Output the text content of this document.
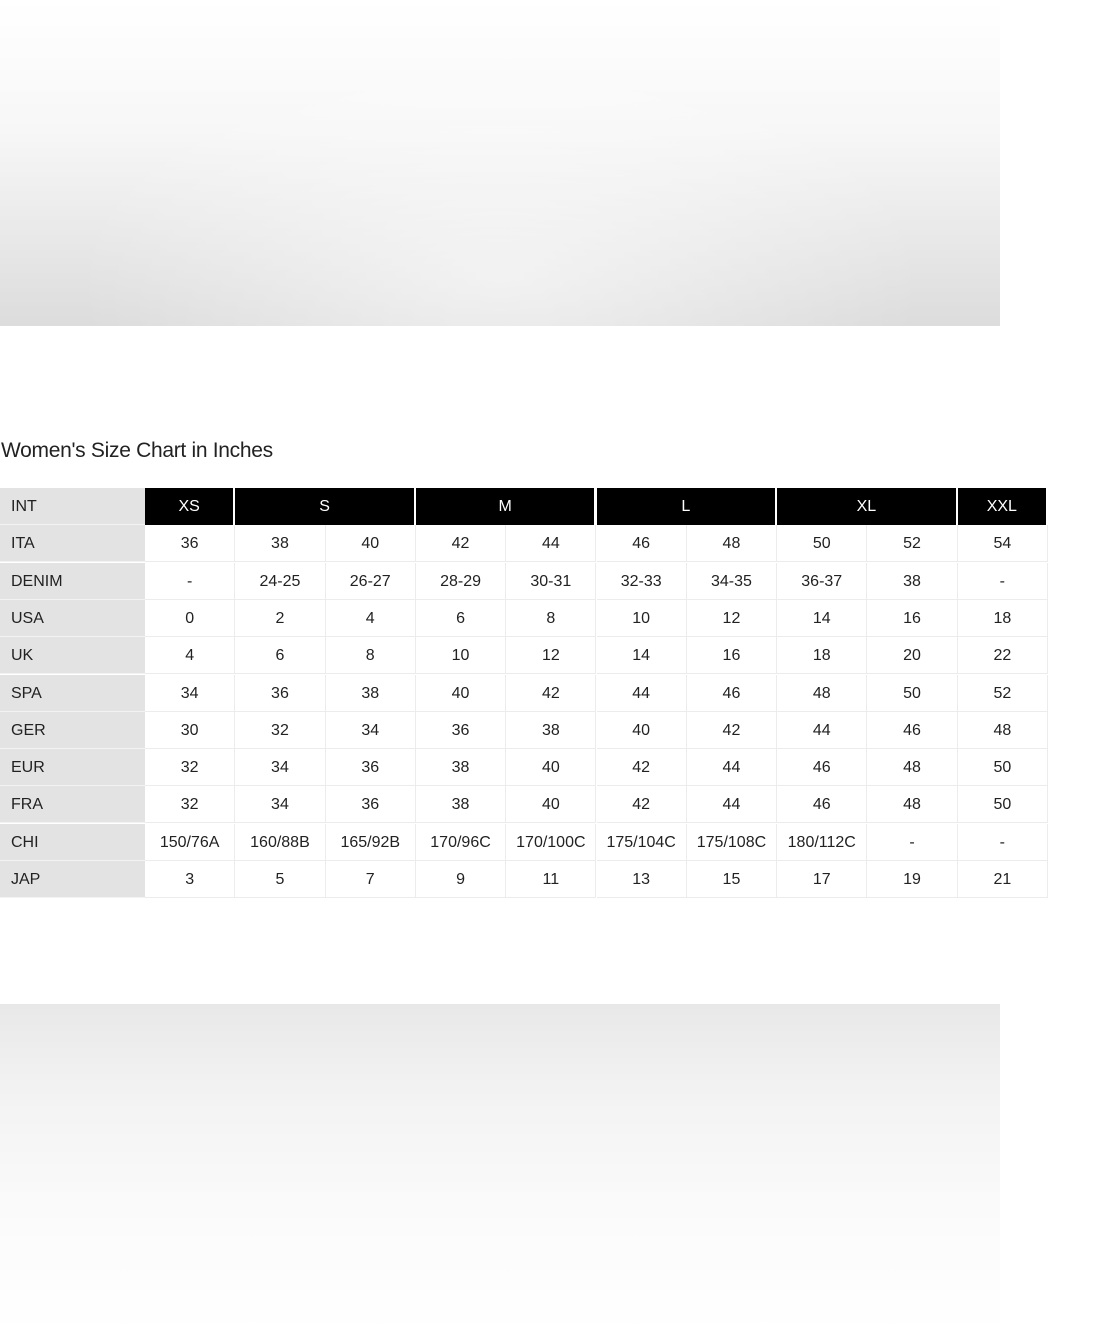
Women's Size Chart in Inches
INT	XS	S	M	L	XL	XXL
ITA	36	38	40	42	44	46	48	50	52	54
DENIM	-	24-25	26-27	28-29	30-31	32-33	34-35	36-37	38	-
USA	0	2	4	6	8	10	12	14	16	18
UK	4	6	8	10	12	14	16	18	20	22
SPA	34	36	38	40	42	44	46	48	50	52
GER	30	32	34	36	38	40	42	44	46	48
EUR	32	34	36	38	40	42	44	46	48	50
FRA	32	34	36	38	40	42	44	46	48	50
CHI	150/76A	160/88B	165/92B	170/96C	170/100C	175/104C	175/108C	180/112C	-	-
JAP	3	5	7	9	11	13	15	17	19	21
